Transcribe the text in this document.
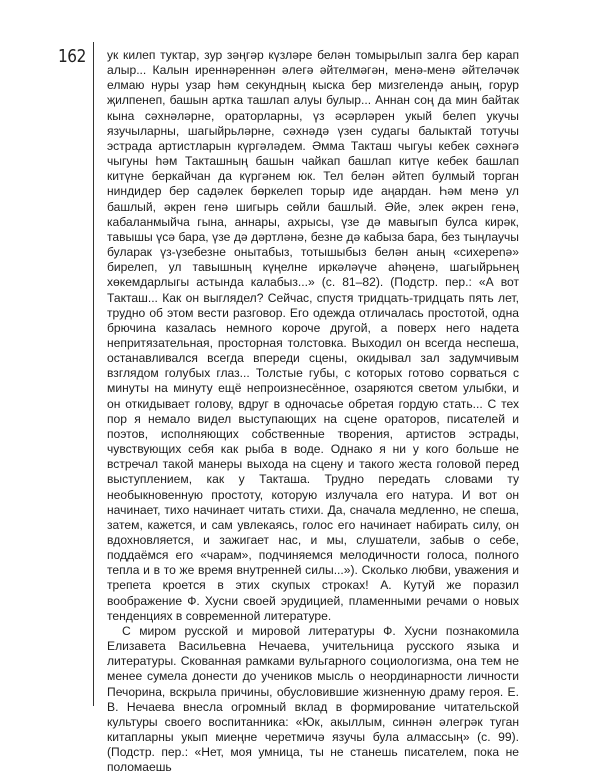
162 ук килеп туктар, зур зәңгәр күзләре белән томырылып залга бер карап алыр... Калын иреннәреннән әлегә әйтелмәгән, менә-менә әйтеләчәк елмаю нуры узар һәм секундның кыска бер мизгелендә аның, горур җилпенеп, башын артка ташлап алуы булыр... Аннан соң да мин байтак кына сәхнәләрне, ораторларны, үз әсәрләрен укый белеп укучы язучыларны, шагыйрьләрне, сәхнәдә үзен судагы балыктай тотучы эстрада артистларын күргәләдем. Әмма Такташ чыгуы кебек сәхнәгә чыгуны һәм Такташның башын чайкап башлап китүе кебек башлап китүне беркайчан да күргәнем юк. Тел белән әйтеп булмый торган ниндидер бер садәлек бөркелеп торыр иде аңардан. Һәм менә ул башлый, әкрен генә шигырь сөйли башлый. Әйе, элек әкрен генә, кабаланмыйча гына, аннары, ахрысы, үзе дә мавыгып булса кирәк, тавышы үсә бара, үзе дә дәртләнә, безне дә кабыза бара, без тыңлаучы буларак үз-үзебезне онытабыз, тотышыбыз белән аның «сихерenә» бирелеп, ул тавышның күңелне иркәләүче аһәңенә, шагыйрьнең хөкемдарлыгы астында калабыз...» (с. 81–82). (Подстр. пер.: «А вот Такташ... Как он выглядел? Сейчас, спустя тридцать-тридцать пять лет, трудно об этом вести разговор. Его одежда отличалась простотой, одна брючина казалась немного короче другой, а поверх него надета непритязательная, просторная толстовка. Выходил он всегда неспеша, останавливался всегда впереди сцены, окидывал зал задумчивым взглядом голубых глаз... Толстые губы, с которых готово сорваться с минуты на минуту ещё непроизнесённое, озаряются светом улыбки, и он откидывает голову, вдруг в одночасье обретая гордую стать... С тех пор я немало видел выступающих на сцене ораторов, писателей и поэтов, исполняющих собственные творения, артистов эстрады, чувствующих себя как рыба в воде. Однако я ни у кого больше не встречал такой манеры выхода на сцену и такого жеста головой перед выступлением, как у Такташа. Трудно передать словами ту необыкновенную простоту, которую излучала его натура. И вот он начинает, тихо начинает читать стихи. Да, сначала медленно, не спеша, затем, кажется, и сам увлекаясь, голос его начинает набирать силу, он вдохновляется, и зажигает нас, и мы, слушатели, забыв о себе, поддаёмся его «чарам», подчиняемся мелодичности голоса, полного тепла и в то же время внутренней силы...»). Сколько любви, уважения и трепета кроется в этих скупых строках! А. Кутуй же поразил воображение Ф. Хусни своей эрудицией, пламенными речами о новых тенденциях в современной литературе.

С миром русской и мировой литературы Ф. Хусни познакомила Елизавета Васильевна Нечаева, учительница русского языка и литературы. Скованная рамками вульгарного социологизма, она тем не менее сумела донести до учеников мысль о неординарности личности Печорина, вскрыла причины, обусловившие жизненную драму героя. Е. В. Нечаева внесла огромный вклад в формирование читательской культуры своего воспитанника: «Юк, акыллым, синнән әлегрәк туган китапларны укып миеңне черетмичә язучы була алмассың» (с. 99). (Подстр. пер.: «Нет, моя умница, ты не станешь писателем, пока не поломаешь
